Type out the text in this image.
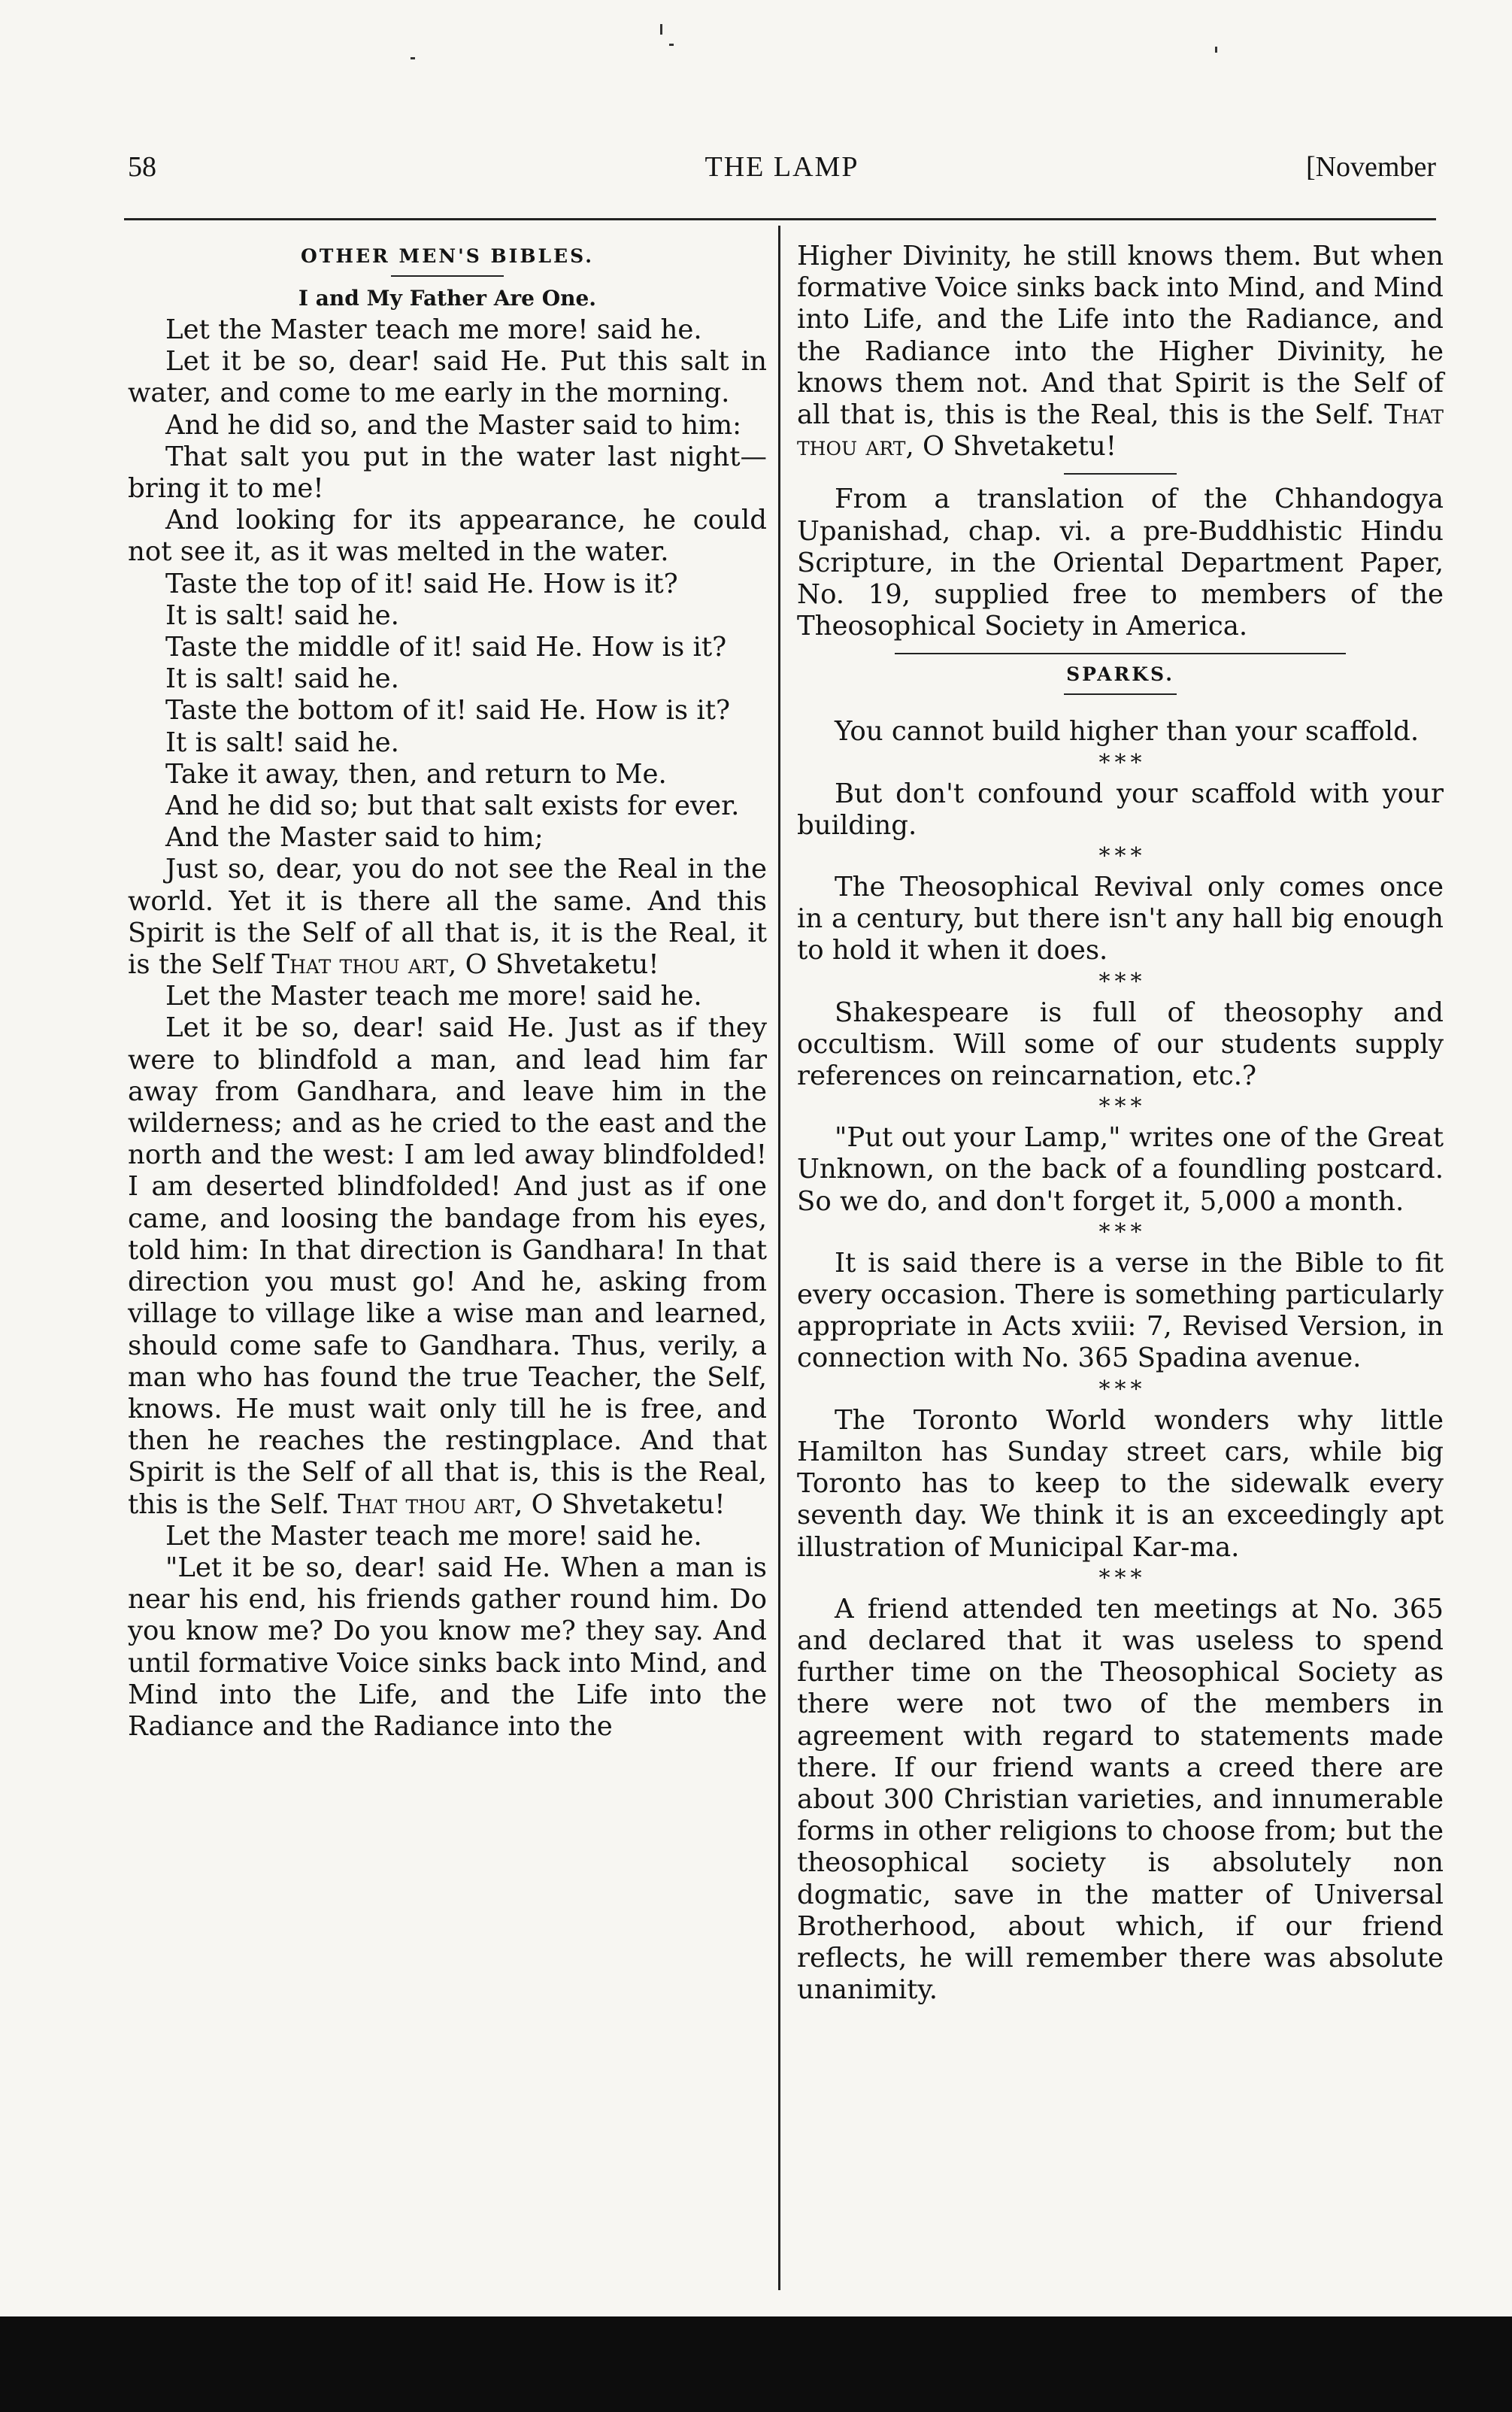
58	THE LAMP	[November
OTHER MEN'S BIBLES.
I and My Father Are One.

Let the Master teach me more! said he.

Let it be so, dear! said He. Put this salt in water, and come to me early in the morning.

And he did so, and the Master said to him:

That salt you put in the water last night—bring it to me!

And looking for its appearance, he could not see it, as it was melted in the water.

Taste the top of it! said He. How is it?

It is salt! said he.

Taste the middle of it! said He. How is it?

It is salt! said he.

Taste the bottom of it! said He. How is it?

It is salt! said he.

Take it away, then, and return to Me.

And he did so; but that salt exists for ever.

And the Master said to him;

Just so, dear, you do not see the Real in the world. Yet it is there all the same. And this Spirit is the Self of all that is, it is the Real, it is the Self That thou art, O Shvetaketu!

Let the Master teach me more! said he.

Let it be so, dear! said He. Just as if they were to blindfold a man, and lead him far away from Gandhara, and leave him in the wilderness; and as he cried to the east and the north and the west: I am led away blindfolded! I am deserted blindfolded! And just as if one came, and loosing the bandage from his eyes, told him: In that direction is Gandhara! In that direction you must go! And he, asking from village to village like a wise man and learned, should come safe to Gandhara. Thus, verily, a man who has found the true Teacher, the Self, knows. He must wait only till he is free, and then he reaches the restingplace. And that Spirit is the Self of all that is, this is the Real, this is the Self. That thou art, O Shvetaketu!

Let the Master teach me more! said he.

"Let it be so, dear! said He. When a man is near his end, his friends gather round him. Do you know me? Do you know me? they say. And until formative Voice sinks back into Mind, and Mind into the Life, and the Life into the Radiance and the Radiance into the

Higher Divinity, he still knows them. But when formative Voice sinks back into Mind, and Mind into Life, and the Life into the Radiance, and the Radiance into the Higher Divinity, he knows them not. And that Spirit is the Self of all that is, this is the Real, this is the Self. That thou art, O Shvetaketu!

From a translation of the Chhandogya Upanishad, chap. vi. a pre-Buddhistic Hindu Scripture, in the Oriental Department Paper, No. 19, supplied free to members of the Theosophical Society in America.

SPARKS.

You cannot build higher than your scaffold.

* * *

But don't confound your scaffold with your building.

* * *

The Theosophical Revival only comes once in a century, but there isn't any hall big enough to hold it when it does.

* * *

Shakespeare is full of theosophy and occultism. Will some of our students supply references on reincarnation, etc.?

* * *

"Put out your Lamp," writes one of the Great Unknown, on the back of a foundling postcard. So we do, and don't forget it, 5,000 a month.

* * *

It is said there is a verse in the Bible to fit every occasion. There is something particularly appropriate in Acts xviii: 7, Revised Version, in connection with No. 365 Spadina avenue.

* * *

The Toronto World wonders why little Hamilton has Sunday street cars, while big Toronto has to keep to the sidewalk every seventh day. We think it is an exceedingly apt illustration of Municipal Kar-ma.

* * *

A friend attended ten meetings at No. 365 and declared that it was useless to spend further time on the Theosophical Society as there were not two of the members in agreement with regard to statements made there. If our friend wants a creed there are about 300 Christian varieties, and innumerable forms in other religions to choose from; but the theosophical society is absolutely non dogmatic, save in the matter of Universal Brotherhood, about which, if our friend reflects, he will remember there was absolute unanimity.
